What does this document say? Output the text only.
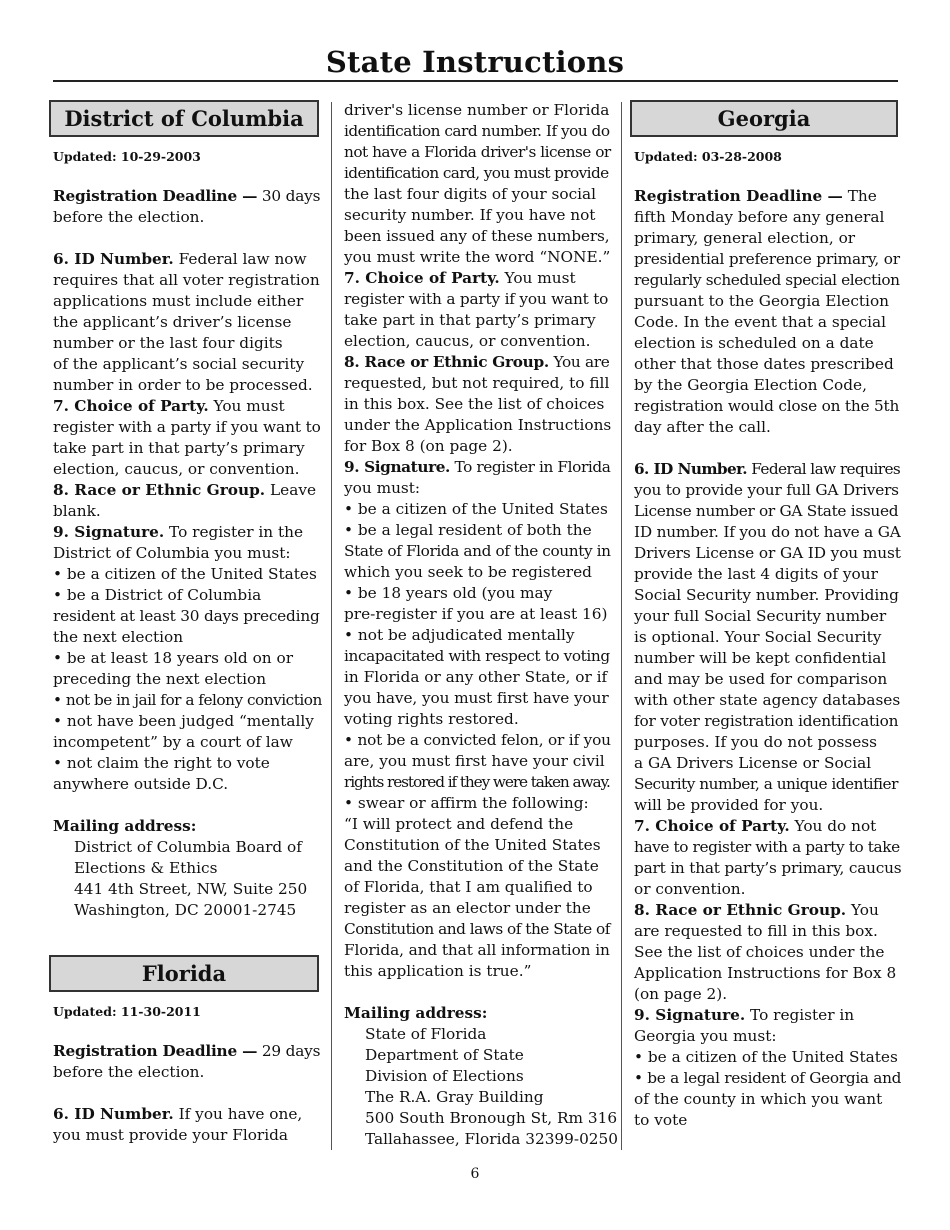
State Instructions
District of Columbia
Updated: 10-29-2003
Registration Deadline — 30 days
before the election.
6. ID Number. Federal law now
requires that all voter registration
applications must include either
the applicant’s driver’s license
number or the last four digits
of the applicant’s social security
number in order to be processed.
7. Choice of Party. You must
register with a party if you want to
take part in that party’s primary
election, caucus, or convention.
8. Race or Ethnic Group. Leave
blank.
9. Signature. To register in the
District of Columbia you must:
• be a citizen of the United States
• be a District of Columbia
resident at least 30 days preceding
the next election
• be at least 18 years old on or
preceding the next election
• not be in jail for a felony conviction
• not have been judged “mentally
incompetent” by a court of law
• not claim the right to vote
anywhere outside D.C.
Mailing address:
District of Columbia Board of
Elections & Ethics
441 4th Street, NW, Suite 250
Washington, DC 20001-2745
Florida
Updated: 11-30-2011
Registration Deadline — 29 days
before the election.
6. ID Number. If you have one,
you must provide your Florida
driver's license number or Florida
identification card number. If you do
not have a Florida driver's license or
identification card, you must provide
the last four digits of your social
security number. If you have not
been issued any of these numbers,
you must write the word “NONE.”
7. Choice of Party. You must
register with a party if you want to
take part in that party’s primary
election, caucus, or convention.
8. Race or Ethnic Group. You are
requested, but not required, to fill
in this box. See the list of choices
under the Application Instructions
for Box 8 (on page 2).
9. Signature. To register in Florida
you must:
• be a citizen of the United States
• be a legal resident of both the
State of Florida and of the county in
which you seek to be registered
• be 18 years old (you may
pre-register if you are at least 16)
• not be adjudicated mentally
incapacitated with respect to voting
in Florida or any other State, or if
you have, you must first have your
voting rights restored.
• not be a convicted felon, or if you
are, you must first have your civil
rights restored if they were taken away.
• swear or affirm the following:
“I will protect and defend the
Constitution of the United States
and the Constitution of the State
of Florida, that I am qualified to
register as an elector under the
Constitution and laws of the State of
Florida, and that all information in
this application is true.”
Mailing address:
State of Florida
Department of State
Division of Elections
The R.A. Gray Building
500 South Bronough St, Rm 316
Tallahassee, Florida 32399-0250
Georgia
Updated: 03-28-2008
Registration Deadline — The
fifth Monday before any general
primary, general election, or
presidential preference primary, or
regularly scheduled special election
pursuant to the Georgia Election
Code. In the event that a special
election is scheduled on a date
other that those dates prescribed
by the Georgia Election Code,
registration would close on the 5th
day after the call.
6. ID Number. Federal law requires
you to provide your full GA Drivers
License number or GA State issued
ID number. If you do not have a GA
Drivers License or GA ID you must
provide the last 4 digits of your
Social Security number. Providing
your full Social Security number
is optional. Your Social Security
number will be kept confidential
and may be used for comparison
with other state agency databases
for voter registration identification
purposes. If you do not possess
a GA Drivers License or Social
Security number, a unique identifier
will be provided for you.
7. Choice of Party. You do not
have to register with a party to take
part in that party’s primary, caucus
or convention.
8. Race or Ethnic Group. You
are requested to fill in this box.
See the list of choices under the
Application Instructions for Box 8
(on page 2).
9. Signature. To register in
Georgia you must:
• be a citizen of the United States
• be a legal resident of Georgia and
of the county in which you want
to vote
6
